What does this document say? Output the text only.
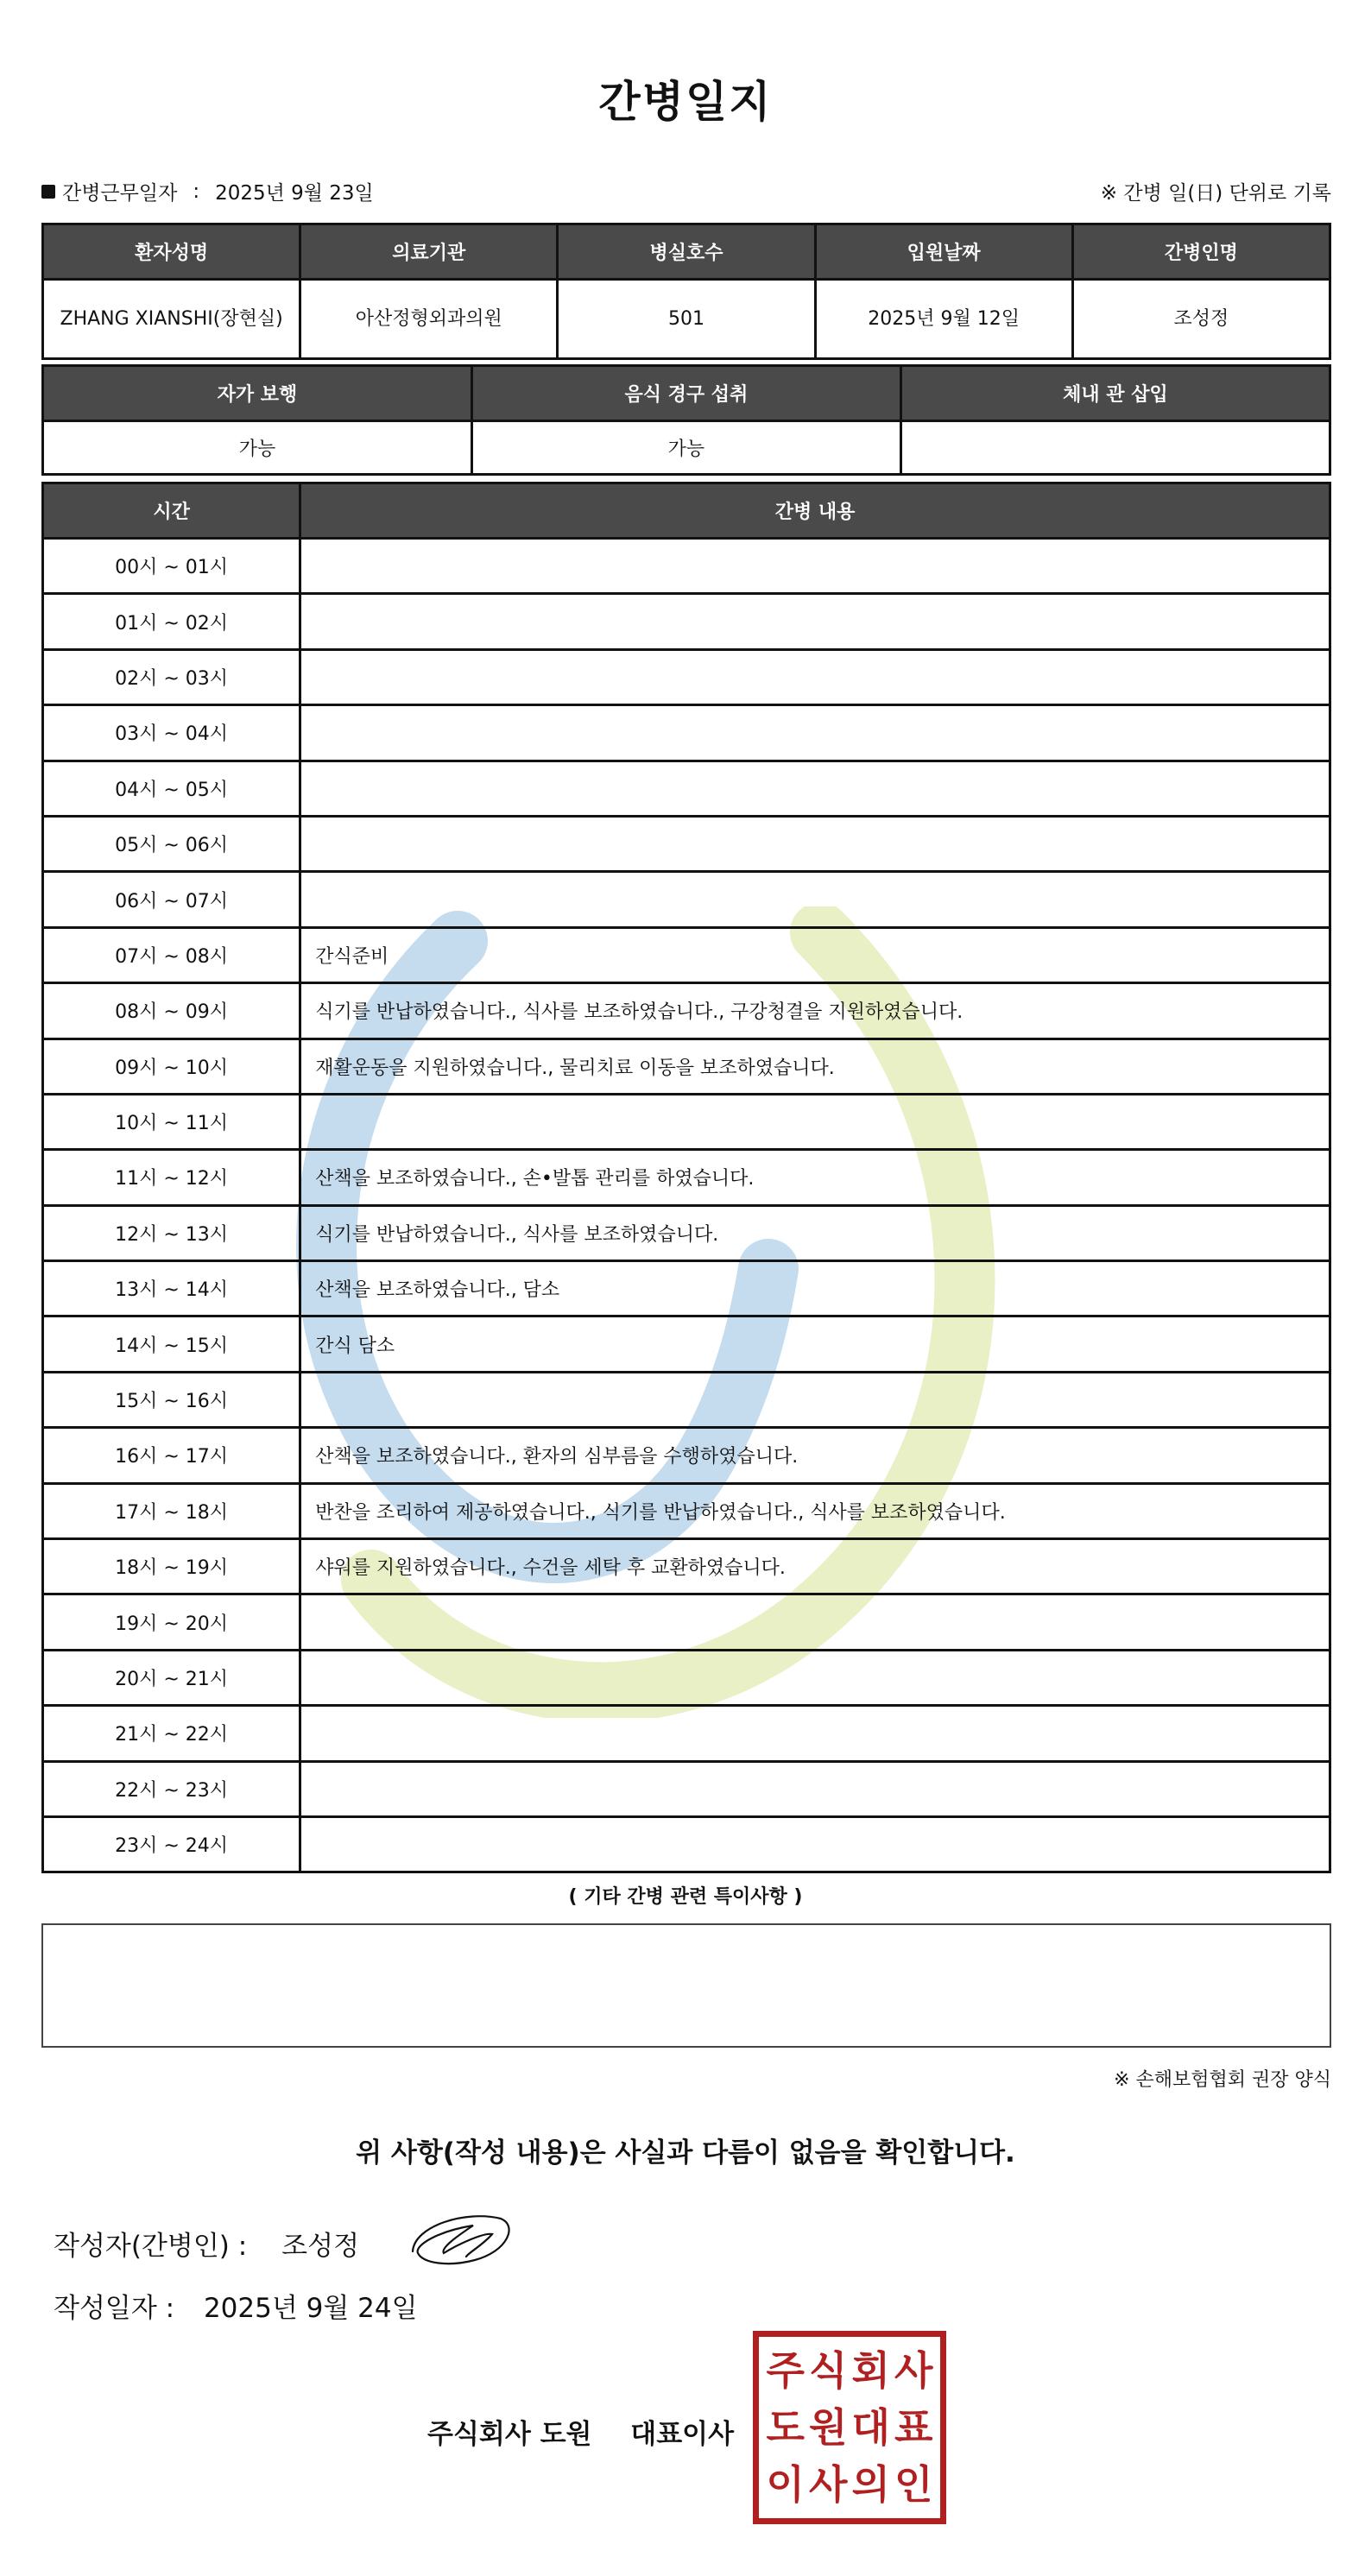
간병일지
간병근무일자 : 2025년 9월 23일	※ 간병 일(日) 단위로 기록
환자성명	의료기관	병실호수	입원날짜	간병인명
ZHANG XIANSHI(장현실)	아산정형외과의원	501	2025년 9월 12일	조성정
자가 보행	음식 경구 섭취	체내 관 삽입
가능	가능	
시간	간병 내용
00시 ~ 01시	
01시 ~ 02시	
02시 ~ 03시	
03시 ~ 04시	
04시 ~ 05시	
05시 ~ 06시	
06시 ~ 07시	
07시 ~ 08시	간식준비
08시 ~ 09시	식기를 반납하였습니다., 식사를 보조하였습니다., 구강청결을 지원하였습니다.
09시 ~ 10시	재활운동을 지원하였습니다., 물리치료 이동을 보조하였습니다.
10시 ~ 11시	
11시 ~ 12시	산책을 보조하였습니다., 손•발톱 관리를 하였습니다.
12시 ~ 13시	식기를 반납하였습니다., 식사를 보조하였습니다.
13시 ~ 14시	산책을 보조하였습니다., 담소
14시 ~ 15시	간식 담소
15시 ~ 16시	
16시 ~ 17시	산책을 보조하였습니다., 환자의 심부름을 수행하였습니다.
17시 ~ 18시	반찬을 조리하여 제공하였습니다., 식기를 반납하였습니다., 식사를 보조하였습니다.
18시 ~ 19시	샤워를 지원하였습니다., 수건을 세탁 후 교환하였습니다.
19시 ~ 20시	
20시 ~ 21시	
21시 ~ 22시	
22시 ~ 23시	
23시 ~ 24시	
( 기타 간병 관련 특이사항 )
※ 손해보험협회 권장 양식
위 사항(작성 내용)은 사실과 다름이 없음을 확인합니다.
작성자(간병인) : 조성정
작성일자 : 2025년 9월 24일
주식회사 도원 대표이사
주 식 회 사
도 원 대 표
이 사 의 인
